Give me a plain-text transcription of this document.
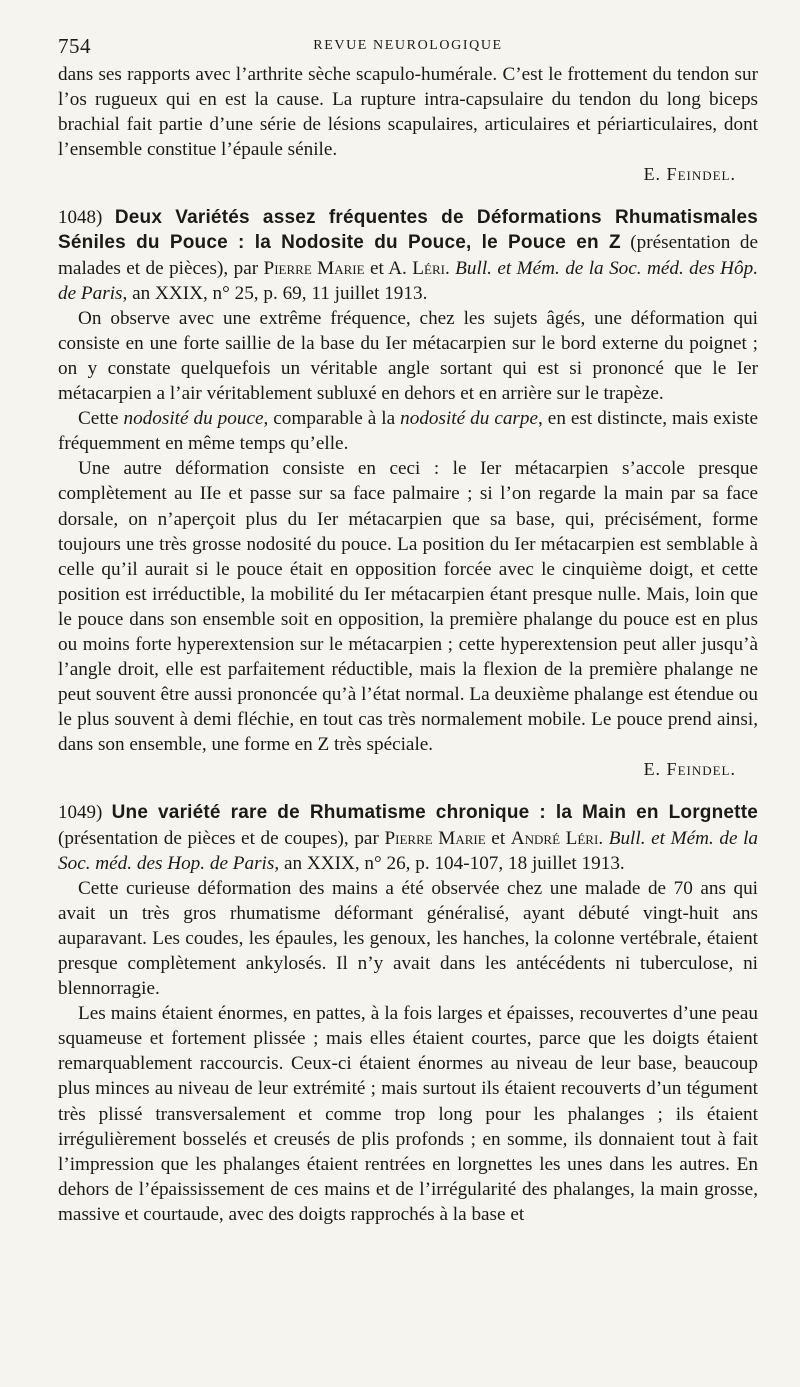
754	REVUE NEUROLOGIQUE

dans ses rapports avec l’arthrite sèche scapulo-humérale. C’est le frottement du tendon sur l’os rugueux qui en est la cause. La rupture intra-capsulaire du tendon du long biceps brachial fait partie d’une série de lésions scapulaires, articulaires et périarticulaires, dont l’ensemble constitue l’épaule sénile.

E. Feindel.

1048) Deux Variétés assez fréquentes de Déformations Rhumatismales Séniles du Pouce : la Nodosite du Pouce, le Pouce en Z (présentation de malades et de pièces), par Pierre Marie et A. Léri. Bull. et Mém. de la Soc. méd. des Hôp. de Paris, an XXIX, n° 25, p. 69, 11 juillet 1913.

On observe avec une extrême fréquence, chez les sujets âgés, une déformation qui consiste en une forte saillie de la base du Ier métacarpien sur le bord externe du poignet ; on y constate quelquefois un véritable angle sortant qui est si prononcé que le Ier métacarpien a l’air véritablement subluxé en dehors et en arrière sur le trapèze.

Cette nodosité du pouce, comparable à la nodosité du carpe, en est distincte, mais existe fréquemment en même temps qu’elle.

Une autre déformation consiste en ceci : le Ier métacarpien s’accole presque complètement au IIe et passe sur sa face palmaire ; si l’on regarde la main par sa face dorsale, on n’aperçoit plus du Ier métacarpien que sa base, qui, précisément, forme toujours une très grosse nodosité du pouce. La position du Ier métacarpien est semblable à celle qu’il aurait si le pouce était en opposition forcée avec le cinquième doigt, et cette position est irréductible, la mobilité du Ier métacarpien étant presque nulle. Mais, loin que le pouce dans son ensemble soit en opposition, la première phalange du pouce est en plus ou moins forte hyperextension sur le métacarpien ; cette hyperextension peut aller jusqu’à l’angle droit, elle est parfaitement réductible, mais la flexion de la première phalange ne peut souvent être aussi prononcée qu’à l’état normal. La deuxième phalange est étendue ou le plus souvent à demi fléchie, en tout cas très normalement mobile. Le pouce prend ainsi, dans son ensemble, une forme en Z très spéciale.

E. Feindel.

1049) Une variété rare de Rhumatisme chronique : la Main en Lorgnette (présentation de pièces et de coupes), par Pierre Marie et André Léri. Bull. et Mém. de la Soc. méd. des Hop. de Paris, an XXIX, n° 26, p. 104-107, 18 juillet 1913.

Cette curieuse déformation des mains a été observée chez une malade de 70 ans qui avait un très gros rhumatisme déformant généralisé, ayant débuté vingt-huit ans auparavant. Les coudes, les épaules, les genoux, les hanches, la colonne vertébrale, étaient presque complètement ankylosés. Il n’y avait dans les antécédents ni tuberculose, ni blennorragie.

Les mains étaient énormes, en pattes, à la fois larges et épaisses, recouvertes d’une peau squameuse et fortement plissée ; mais elles étaient courtes, parce que les doigts étaient remarquablement raccourcis. Ceux-ci étaient énormes au niveau de leur base, beaucoup plus minces au niveau de leur extrémité ; mais surtout ils étaient recouverts d’un tégument très plissé transversalement et comme trop long pour les phalanges ; ils étaient irrégulièrement bosselés et creusés de plis profonds ; en somme, ils donnaient tout à fait l’impression que les phalanges étaient rentrées en lorgnettes les unes dans les autres. En dehors de l’épaississement de ces mains et de l’irrégularité des phalanges, la main grosse, massive et courtaude, avec des doigts rapprochés à la base et
